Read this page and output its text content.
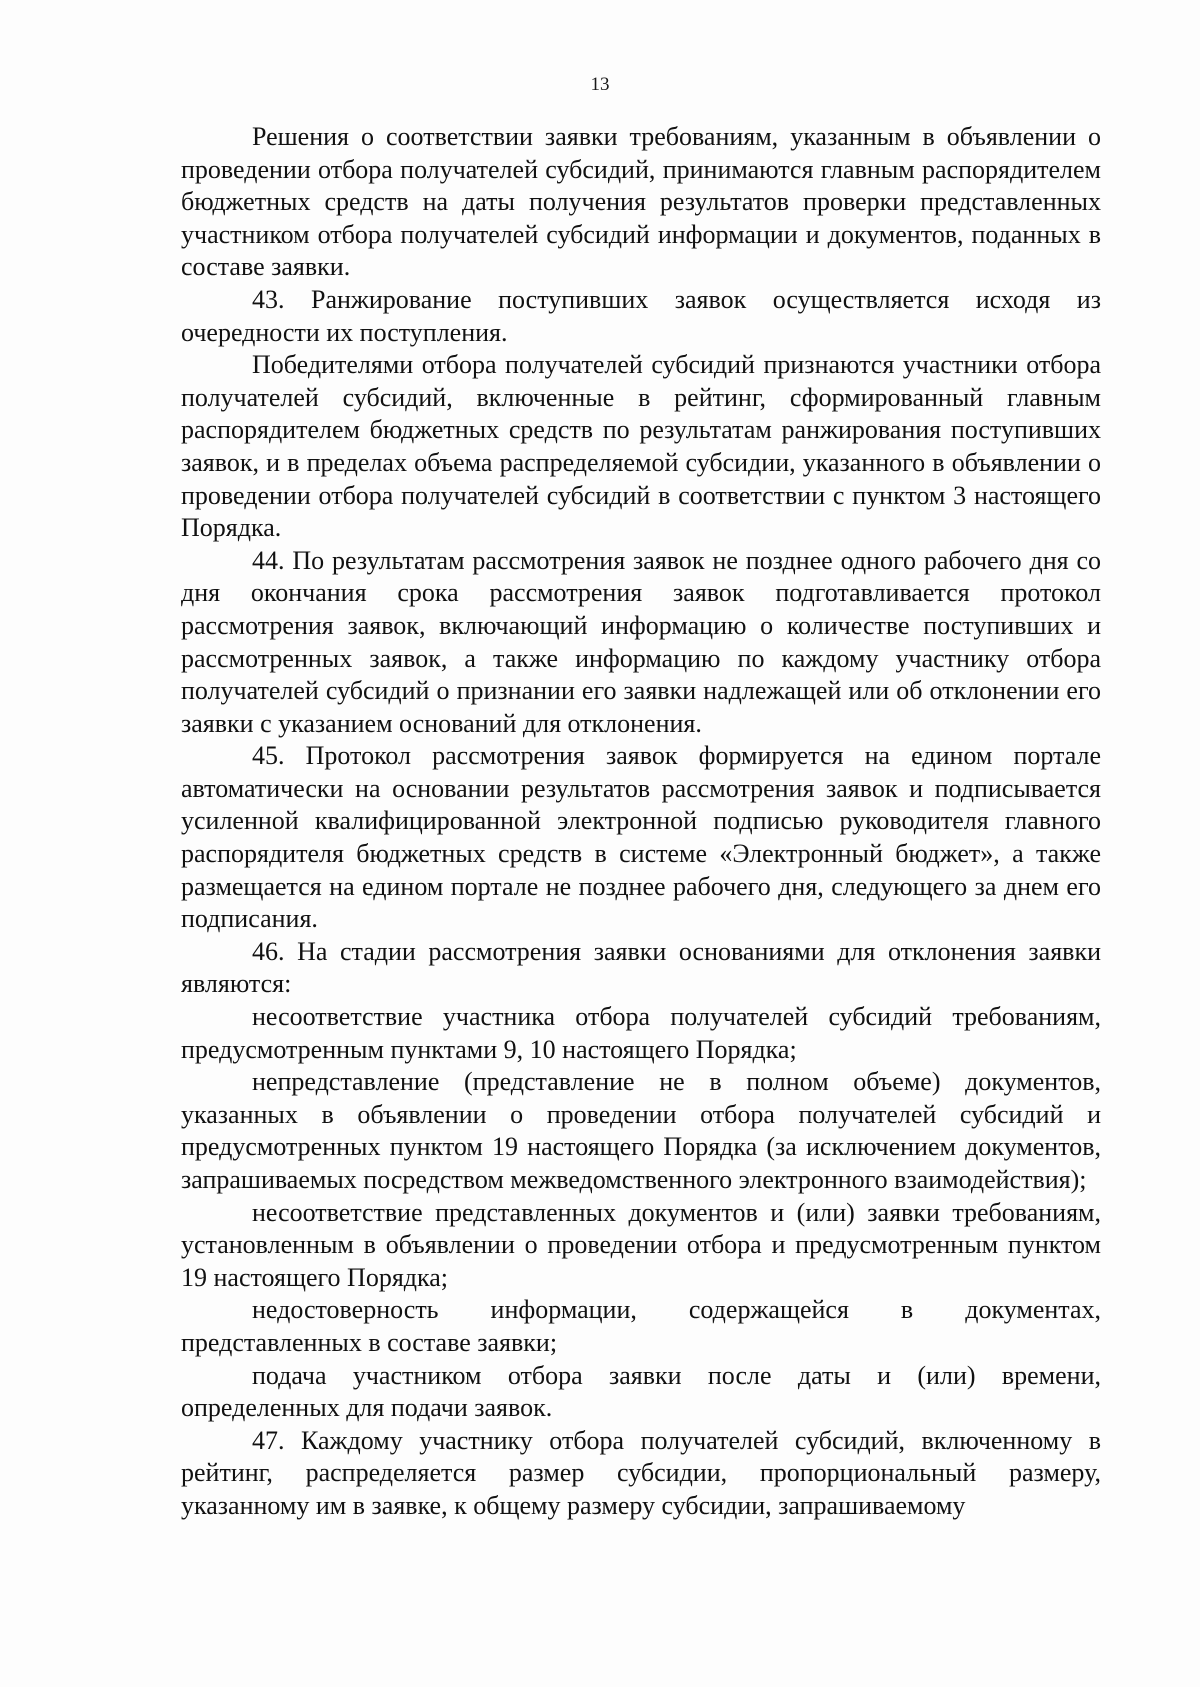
13

Решения о соответствии заявки требованиям, указанным в объявлении о проведении отбора получателей субсидий, принимаются главным распорядителем бюджетных средств на даты получения результатов проверки представленных участником отбора получателей субсидий информации и документов, поданных в составе заявки.

43. Ранжирование поступивших заявок осуществляется исходя из очередности их поступления.

Победителями отбора получателей субсидий признаются участники отбора получателей субсидий, включенные в рейтинг, сформированный главным распорядителем бюджетных средств по результатам ранжирования поступивших заявок, и в пределах объема распределяемой субсидии, указанного в объявлении о проведении отбора получателей субсидий в соответствии с пунктом 3 настоящего Порядка.

44. По результатам рассмотрения заявок не позднее одного рабочего дня со дня окончания срока рассмотрения заявок подготавливается протокол рассмотрения заявок, включающий информацию о количестве поступивших и рассмотренных заявок, а также информацию по каждому участнику отбора получателей субсидий о признании его заявки надлежащей или об отклонении его заявки с указанием оснований для отклонения.

45. Протокол рассмотрения заявок формируется на едином портале автоматически на основании результатов рассмотрения заявок и подписывается усиленной квалифицированной электронной подписью руководителя главного распорядителя бюджетных средств в системе «Электронный бюджет», а также размещается на едином портале не позднее рабочего дня, следующего за днем его подписания.

46. На стадии рассмотрения заявки основаниями для отклонения заявки являются:

несоответствие участника отбора получателей субсидий требованиям, предусмотренным пунктами 9, 10 настоящего Порядка;

непредставление (представление не в полном объеме) документов, указанных в объявлении о проведении отбора получателей субсидий и предусмотренных пунктом 19 настоящего Порядка (за исключением документов, запрашиваемых посредством межведомственного электронного взаимодействия);

несоответствие представленных документов и (или) заявки требованиям, установленным в объявлении о проведении отбора и предусмотренным пунктом 19 настоящего Порядка;

недостоверность информации, содержащейся в документах, представленных в составе заявки;

подача участником отбора заявки после даты и (или) времени, определенных для подачи заявок.

47. Каждому участнику отбора получателей субсидий, включенному в рейтинг, распределяется размер субсидии, пропорциональный размеру, указанному им в заявке, к общему размеру субсидии, запрашиваемому
